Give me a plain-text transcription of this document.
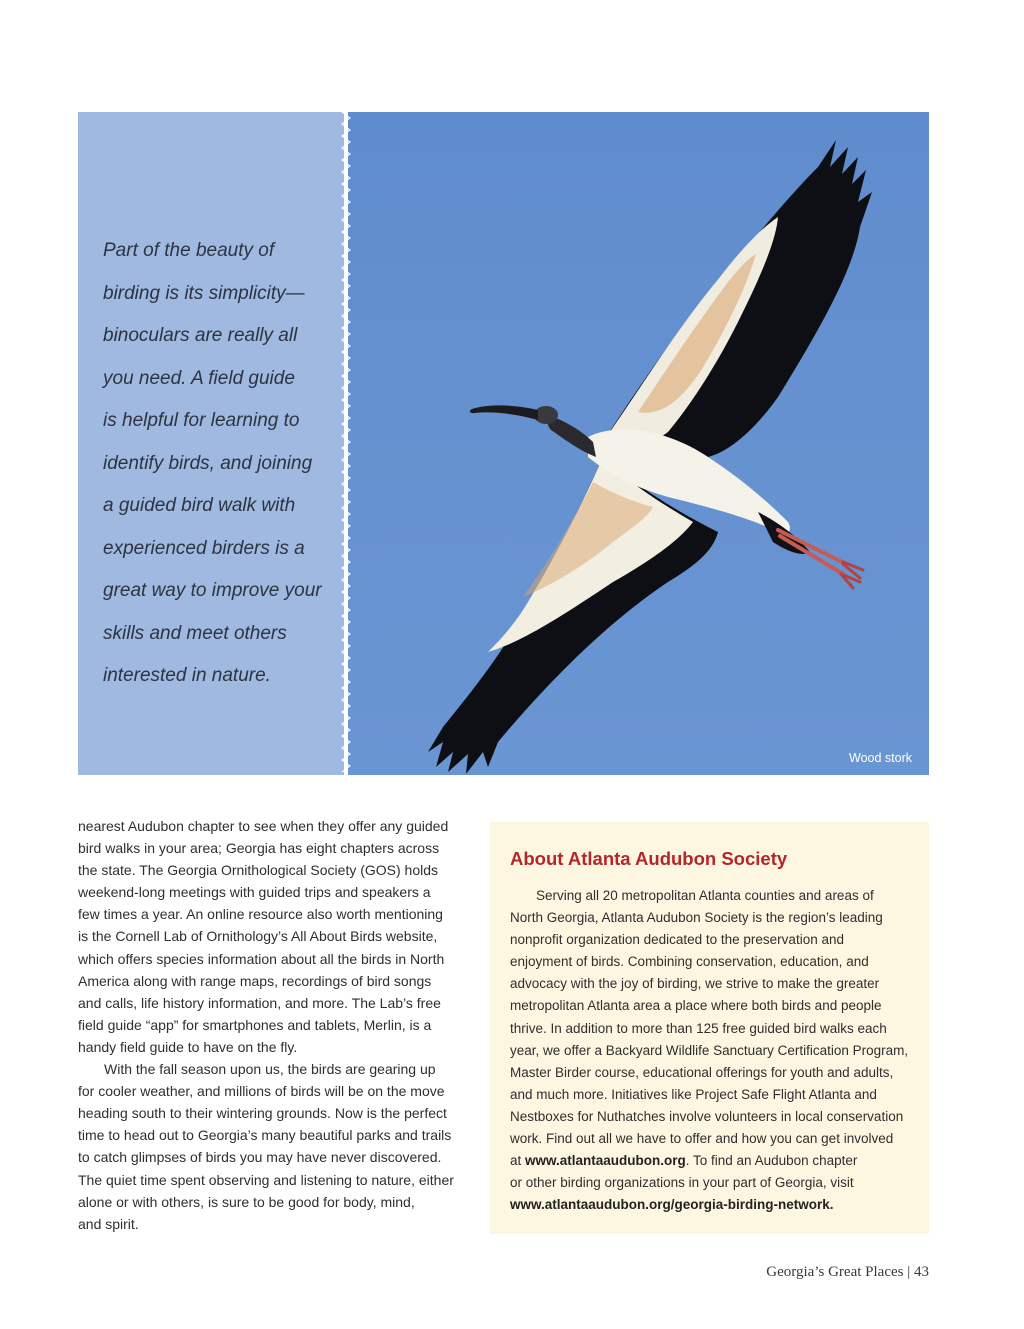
Part of the beauty of
birding is its simplicity—
binoculars are really all
you need. A field guide
is helpful for learning to
identify birds, and joining
a guided bird walk with
experienced birders is a
great way to improve your
skills and meet others
interested in nature.

Wood stork

nearest Audubon chapter to see when they offer any guided
bird walks in your area; Georgia has eight chapters across
the state. The Georgia Ornithological Society (GOS) holds
weekend-long meetings with guided trips and speakers a
few times a year. An online resource also worth mentioning
is the Cornell Lab of Ornithology’s All About Birds website,
which offers species information about all the birds in North
America along with range maps, recordings of bird songs
and calls, life history information, and more. The Lab’s free
field guide “app” for smartphones and tablets, Merlin, is a
handy field guide to have on the fly.

With the fall season upon us, the birds are gearing up
for cooler weather, and millions of birds will be on the move
heading south to their wintering grounds. Now is the perfect
time to head out to Georgia’s many beautiful parks and trails
to catch glimpses of birds you may have never discovered.
The quiet time spent observing and listening to nature, either
alone or with others, is sure to be good for body, mind,
and spirit.

About Atlanta Audubon Society

Serving all 20 metropolitan Atlanta counties and areas of
North Georgia, Atlanta Audubon Society is the region’s leading
nonprofit organization dedicated to the preservation and
enjoyment of birds. Combining conservation, education, and
advocacy with the joy of birding, we strive to make the greater
metropolitan Atlanta area a place where both birds and people
thrive. In addition to more than 125 free guided bird walks each
year, we offer a Backyard Wildlife Sanctuary Certification Program,
Master Birder course, educational offerings for youth and adults,
and much more. Initiatives like Project Safe Flight Atlanta and
Nestboxes for Nuthatches involve volunteers in local conservation
work. Find out all we have to offer and how you can get involved
at www.atlantaaudubon.org. To find an Audubon chapter
or other birding organizations in your part of Georgia, visit
www.atlantaaudubon.org/georgia-birding-network.

Georgia’s Great Places | 43
